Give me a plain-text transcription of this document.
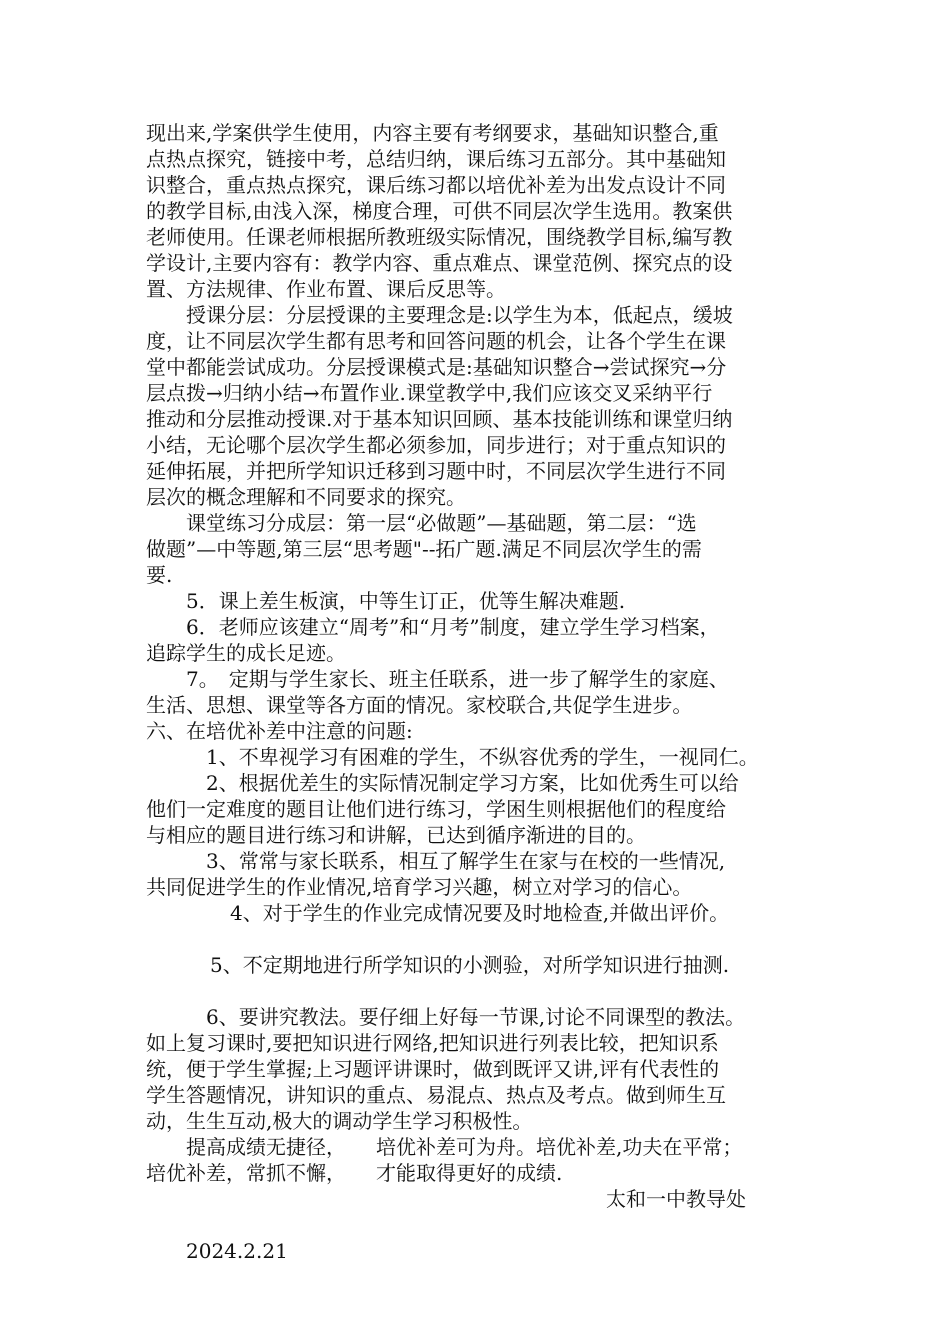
现出来,学案供学生使用，内容主要有考纲要求，基础知识整合,重

点热点探究，链接中考，总结归纳，课后练习五部分。其中基础知

识整合，重点热点探究，课后练习都以培优补差为出发点设计不同

的教学目标,由浅入深，梯度合理，可供不同层次学生选用。教案供

老师使用。任课老师根据所教班级实际情况，围绕教学目标,编写教

学设计,主要内容有：教学内容、重点难点、课堂范例、探究点的设

置、方法规律、作业布置、课后反思等。

授课分层：分层授课的主要理念是:以学生为本，低起点，缓坡

度，让不同层次学生都有思考和回答问题的机会，让各个学生在课

堂中都能尝试成功。分层授课模式是:基础知识整合→尝试探究→分

层点拨→归纳小结→布置作业.课堂教学中,我们应该交叉采纳平行

推动和分层推动授课.对于基本知识回顾、基本技能训练和课堂归纳

小结，无论哪个层次学生都必须参加，同步进行；对于重点知识的

延伸拓展，并把所学知识迁移到习题中时，不同层次学生进行不同

层次的概念理解和不同要求的探究。

课堂练习分成层：第一层“必做题”—基础题，第二层：“选

做题”—中等题,第三层“思考题"--拓广题.满足不同层次学生的需

要.

5．课上差生板演，中等生订正，优等生解决难题.

6．老师应该建立“周考”和“月考”制度，建立学生学习档案，

追踪学生的成长足迹。

7。　定期与学生家长、班主任联系，进一步了解学生的家庭、

生活、思想、课堂等各方面的情况。家校联合,共促学生进步。

六、在培优补差中注意的问题:

1、不卑视学习有困难的学生，不纵容优秀的学生，一视同仁。

2、根据优差生的实际情况制定学习方案，比如优秀生可以给

他们一定难度的题目让他们进行练习，学困生则根据他们的程度给

与相应的题目进行练习和讲解，已达到循序渐进的目的。

3、常常与家长联系，相互了解学生在家与在校的一些情况,

共同促进学生的作业情况,培育学习兴趣，树立对学习的信心。

4、对于学生的作业完成情况要及时地检查,并做出评价。

5、不定期地进行所学知识的小测验，对所学知识进行抽测.

6、要讲究教法。要仔细上好每一节课,讨论不同课型的教法。

如上复习课时,要把知识进行网络,把知识进行列表比较，把知识系

统，便于学生掌握;上习题评讲课时，做到既评又讲,评有代表性的

学生答题情况，讲知识的重点、易混点、热点及考点。做到师生互

动，生生互动,极大的调动学生学习积极性。

提高成绩无捷径，　　培优补差可为舟。培优补差,功夫在平常；

培优补差，常抓不懈，　　才能取得更好的成绩.

太和一中教导处

2024.2.21
